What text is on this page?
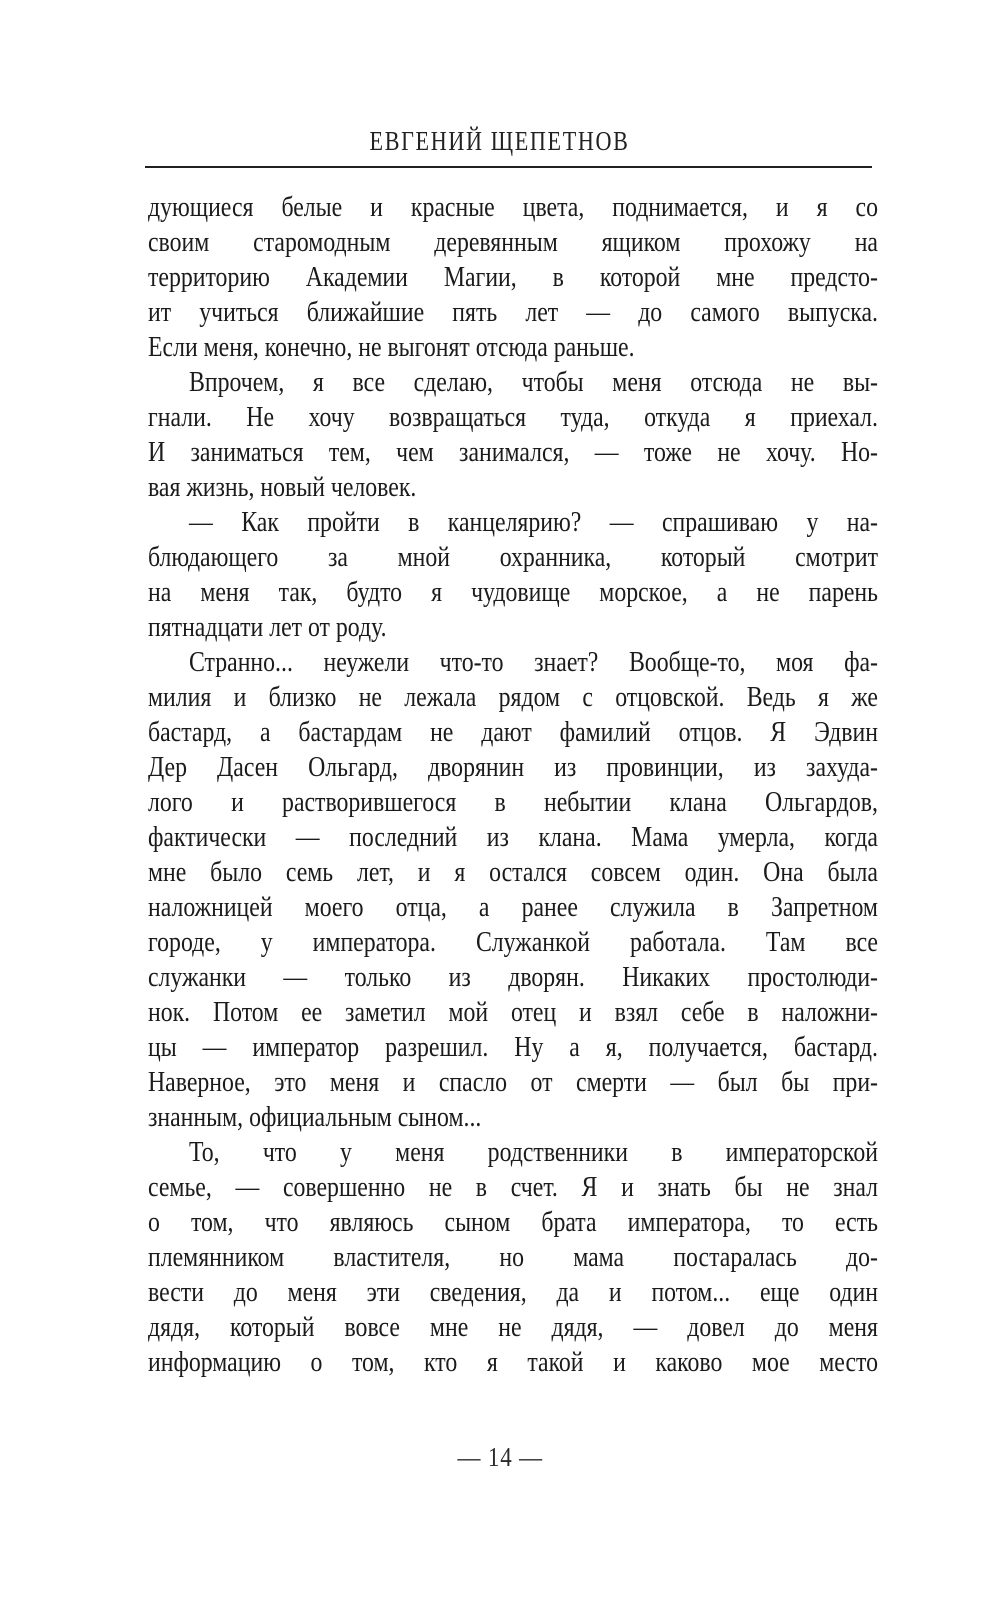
ЕВГЕНИЙ ЩЕПЕТНОВ
дующиеся белые и красные цвета, поднимается, и я со
своим старомодным деревянным ящиком прохожу на
территорию Академии Магии, в которой мне предсто-
ит учиться ближайшие пять лет — до самого выпуска.
Если меня, конечно, не выгонят отсюда раньше.
Впрочем, я все сделаю, чтобы меня отсюда не вы-
гнали. Не хочу возвращаться туда, откуда я приехал.
И заниматься тем, чем занимался, — тоже не хочу. Но-
вая жизнь, новый человек.
— Как пройти в канцелярию? — спрашиваю у на-
блюдающего за мной охранника, который смотрит
на меня так, будто я чудовище морское, а не парень
пятнадцати лет от роду.
Странно... неужели что-то знает? Вообще-то, моя фа-
милия и близко не лежала рядом с отцовской. Ведь я же
бастард, а бастардам не дают фамилий отцов. Я Эдвин
Дер Дасен Ольгард, дворянин из провинции, из захуда-
лого и растворившегося в небытии клана Ольгардов,
фактически — последний из клана. Мама умерла, когда
мне было семь лет, и я остался совсем один. Она была
наложницей моего отца, а ранее служила в Запретном
городе, у императора. Служанкой работала. Там все
служанки — только из дворян. Никаких простолюди-
нок. Потом ее заметил мой отец и взял себе в наложни-
цы — император разрешил. Ну а я, получается, бастард.
Наверное, это меня и спасло от смерти — был бы при-
знанным, официальным сыном...
То, что у меня родственники в императорской
семье, — совершенно не в счет. Я и знать бы не знал
о том, что являюсь сыном брата императора, то есть
племянником властителя, но мама постаралась до-
вести до меня эти сведения, да и потом... еще один
дядя, который вовсе мне не дядя, — довел до меня
информацию о том, кто я такой и каково мое место
— 14 —
